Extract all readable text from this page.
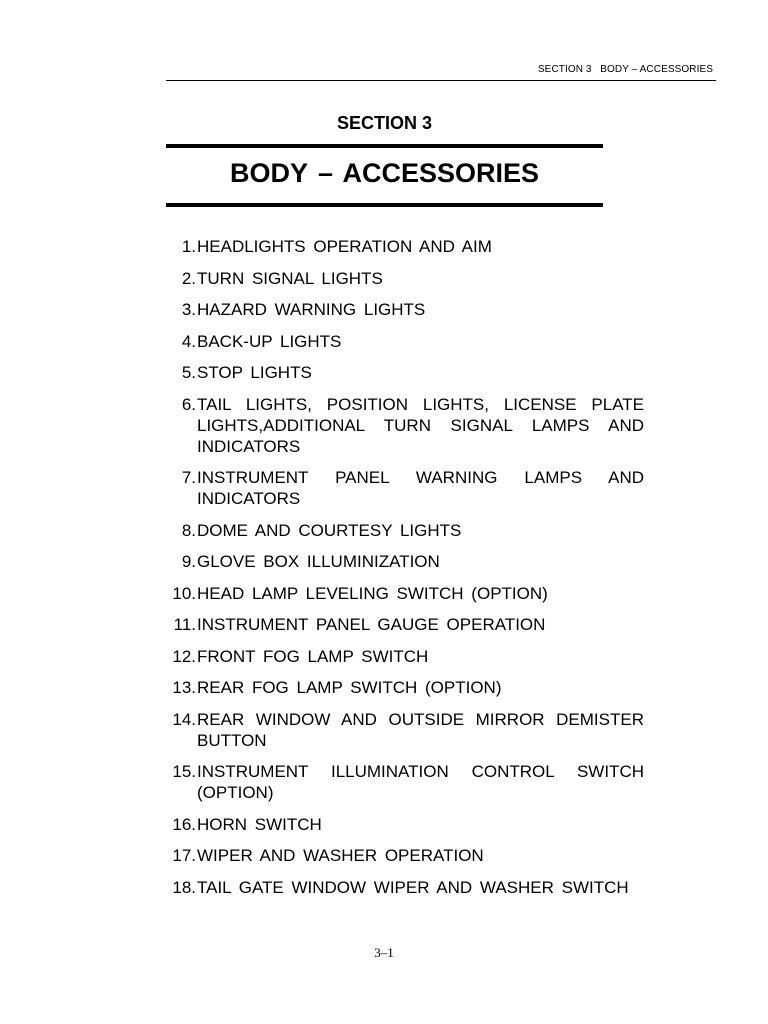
SECTION 3   BODY – ACCESSORIES
SECTION 3
BODY – ACCESSORIES
1. HEADLIGHTS OPERATION AND AIM
2. TURN SIGNAL LIGHTS
3. HAZARD WARNING LIGHTS
4. BACK-UP LIGHTS
5. STOP LIGHTS
6. TAIL LIGHTS, POSITION LIGHTS, LICENSE PLATE LIGHTS,ADDITIONAL TURN SIGNAL LAMPS AND INDICATORS
7. INSTRUMENT PANEL WARNING LAMPS AND INDICATORS
8. DOME AND COURTESY LIGHTS
9. GLOVE BOX ILLUMINIZATION
10. HEAD LAMP LEVELING SWITCH (OPTION)
11. INSTRUMENT PANEL GAUGE OPERATION
12. FRONT FOG LAMP SWITCH
13. REAR FOG LAMP SWITCH (OPTION)
14. REAR WINDOW AND OUTSIDE MIRROR DEMISTER BUTTON
15. INSTRUMENT ILLUMINATION CONTROL SWITCH (OPTION)
16. HORN SWITCH
17. WIPER AND WASHER OPERATION
18. TAIL GATE WINDOW WIPER AND WASHER SWITCH
3–1
